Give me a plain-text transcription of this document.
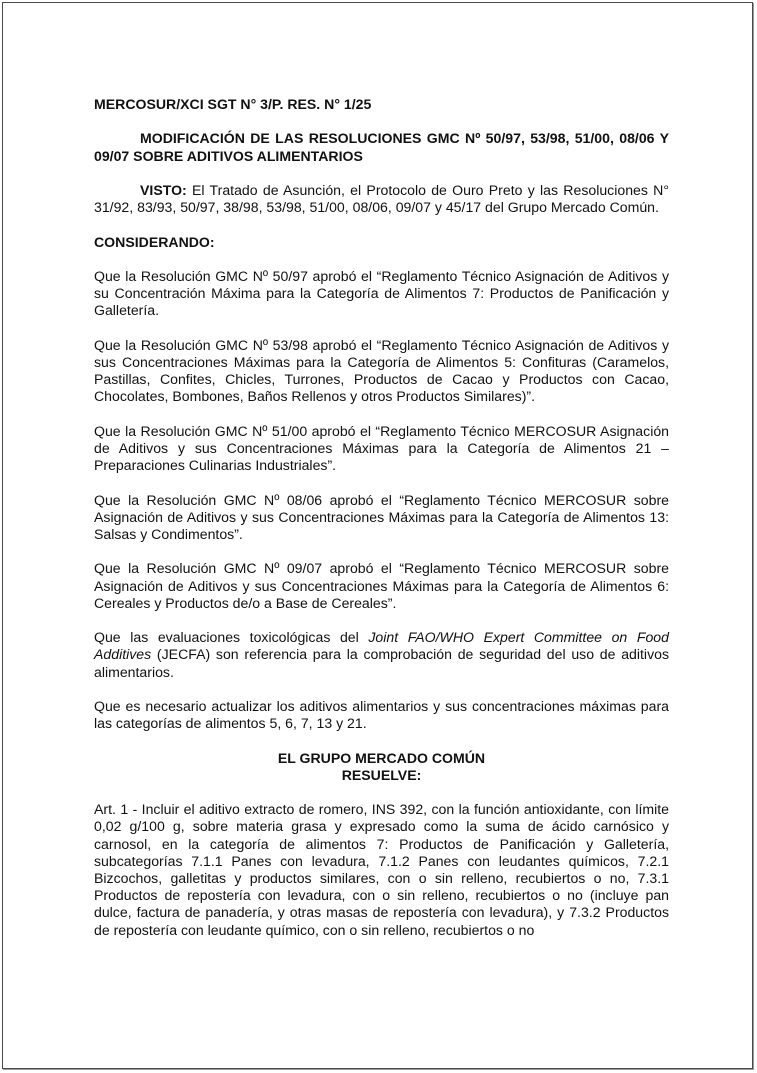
MERCOSUR/XCI SGT N° 3/P. RES. N° 1/25

MODIFICACIÓN DE LAS RESOLUCIONES GMC Nº 50/97, 53/98, 51/00, 08/06 Y 09/07 SOBRE ADITIVOS ALIMENTARIOS

VISTO: El Tratado de Asunción, el Protocolo de Ouro Preto y las Resoluciones N° 31/92, 83/93, 50/97, 38/98, 53/98, 51/00, 08/06, 09/07 y 45/17 del Grupo Mercado Común.

CONSIDERANDO:

Que la Resolución GMC Nº 50/97 aprobó el “Reglamento Técnico Asignación de Aditivos y su Concentración Máxima para la Categoría de Alimentos 7: Productos de Panificación y Galletería.

Que la Resolución GMC Nº 53/98 aprobó el “Reglamento Técnico Asignación de Aditivos y sus Concentraciones Máximas para la Categoría de Alimentos 5: Confituras (Caramelos, Pastillas, Confites, Chicles, Turrones, Productos de Cacao y Productos con Cacao, Chocolates, Bombones, Baños Rellenos y otros Productos Similares)”.

Que la Resolución GMC Nº 51/00 aprobó el “Reglamento Técnico MERCOSUR Asignación de Aditivos y sus Concentraciones Máximas para la Categoría de Alimentos 21 – Preparaciones Culinarias Industriales”.

Que la Resolución GMC Nº 08/06 aprobó el “Reglamento Técnico MERCOSUR sobre Asignación de Aditivos y sus Concentraciones Máximas para la Categoría de Alimentos 13: Salsas y Condimentos”.

Que la Resolución GMC Nº 09/07 aprobó el “Reglamento Técnico MERCOSUR sobre Asignación de Aditivos y sus Concentraciones Máximas para la Categoría de Alimentos 6: Cereales y Productos de/o a Base de Cereales”.

Que las evaluaciones toxicológicas del Joint FAO/WHO Expert Committee on Food Additives (JECFA) son referencia para la comprobación de seguridad del uso de aditivos alimentarios.

Que es necesario actualizar los aditivos alimentarios y sus concentraciones máximas para las categorías de alimentos 5, 6, 7, 13 y 21.

EL GRUPO MERCADO COMÚN
RESUELVE:

Art. 1 - Incluir el aditivo extracto de romero, INS 392, con la función antioxidante, con límite 0,02 g/100 g, sobre materia grasa y expresado como la suma de ácido carnósico y carnosol, en la categoría de alimentos 7: Productos de Panificación y Galletería, subcategorías 7.1.1 Panes con levadura, 7.1.2 Panes con leudantes químicos, 7.2.1 Bizcochos, galletitas y productos similares, con o sin relleno, recubiertos o no, 7.3.1 Productos de repostería con levadura, con o sin relleno, recubiertos o no (incluye pan dulce, factura de panadería, y otras masas de repostería con levadura), y 7.3.2 Productos de repostería con leudante químico, con o sin relleno, recubiertos o no
